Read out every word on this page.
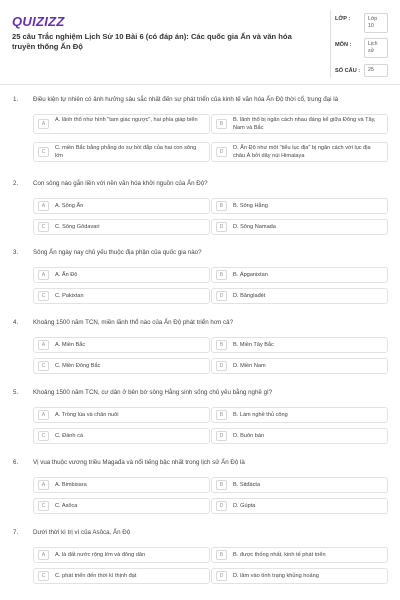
QUIZIZZ
25 câu Trắc nghiệm Lịch Sử 10 Bài 6 (có đáp án): Các quốc gia Ấn và văn hóa truyền thống Ấn Độ
LỚP :	Lớp 10
MÔN :	Lịch sử
SỐ CÂU :	25
1. Điều kiện tự nhiên có ảnh hưởng sâu sắc nhất đến sự phát triển của kinh tế văn hóa Ấn Độ thời cổ, trung đại là
A
A. lãnh thổ như hình "tam giác ngược", hai phía giáp biển
B
B. lãnh thổ bị ngăn cách nhau đáng kể giữa Đông và Tây, Nam và Bắc
C
C. miền Bắc bằng phẳng do sự bồi đắp của hai con sông lớn
D
D. Ấn Độ như một "tiểu lục địa" bị ngăn cách với lục địa châu Á bởi dãy núi Himalaya
2. Con sông nào gắn liền với nền văn hóa khởi nguồn của Ấn Độ?
A	A. Sông Ấn	B	B. Sông Hằng
C	C. Sông Gôdavari	D	D. Sông Namada
3. Sông Ấn ngày nay chủ yếu thuộc địa phận của quốc gia nào?
A	A. Ấn Độ	B	B. Ápganixtan
C	C. Pakixtan	D	D. Bănglađét
4. Khoảng 1500 năm TCN, miền lãnh thổ nào của Ấn Độ phát triển hơn cả?
A	A. Miền Bắc	B	B. Miền Tây Bắc
C	C. Miền Đông Bắc	D	D. Miền Nam
5. Khoảng 1500 năm TCN, cư dân ở bên bờ sông Hằng sinh sống chủ yếu bằng nghề gì?
A	A. Trồng lúa và chăn nuôi	B	B. Làm nghề thủ công
C	C. Đánh cá	D	D. Buôn bán
6. Vị vua thuộc vương triều Magađa và nổi tiếng bậc nhất trong lịch sử Ấn Độ là
A	A. Bimbisara	B	B. Sitđácta
C	C. Asôca	D	D. Gúpta
7. Dưới thời kì trị vì của Asôca, Ấn Độ
A	A. là đất nước rộng lớn và đông dân	B	B. được thống nhất, kinh tế phát triển
C	C. phát triển đến thời kì thịnh đạt	D	D. lâm vào tình trạng khủng hoảng
